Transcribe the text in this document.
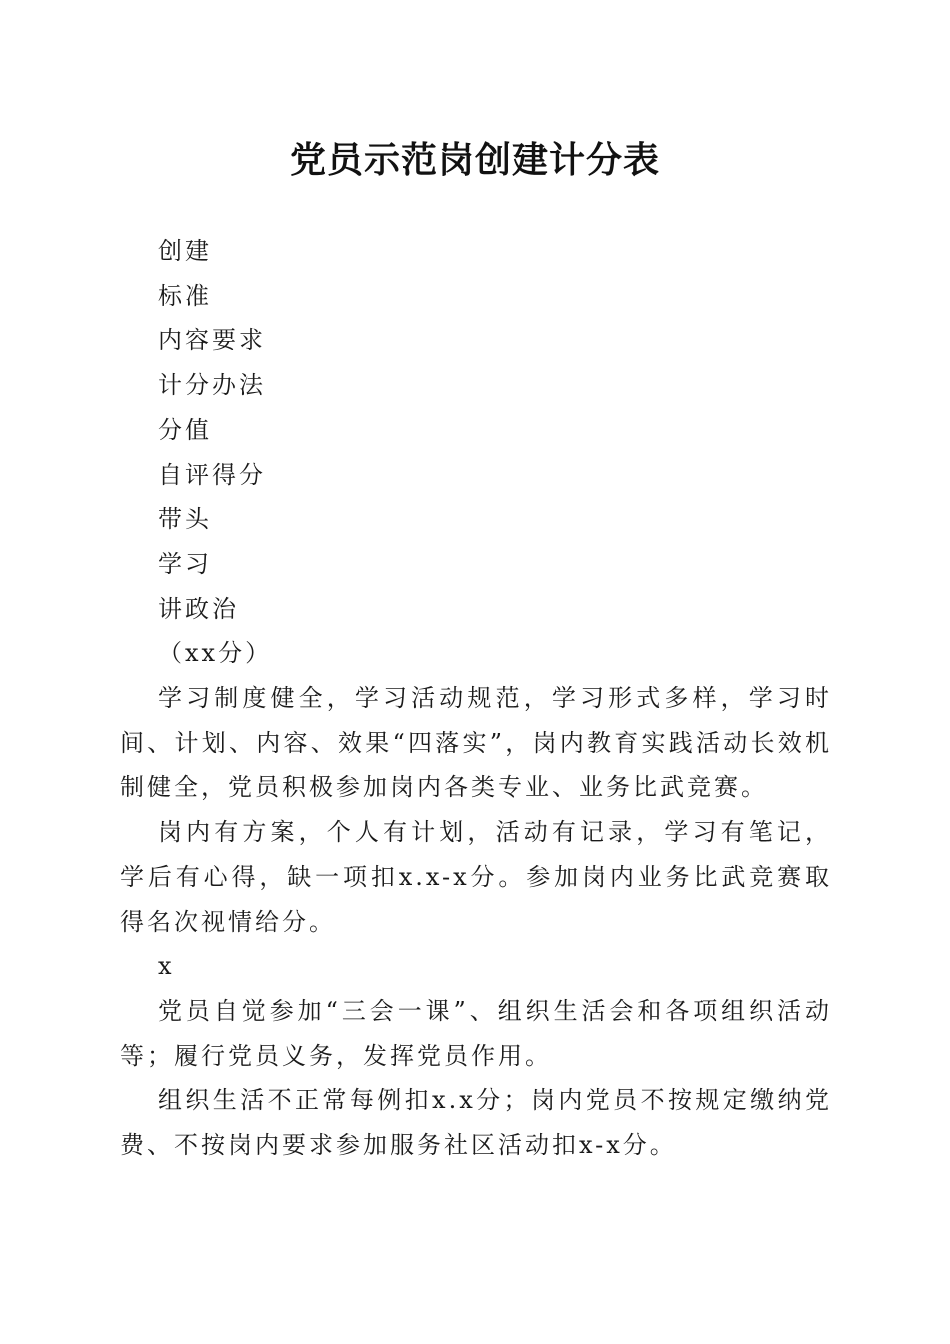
党员示范岗创建计分表

创建

标准

内容要求

计分办法

分值

自评得分

带头

学习

讲政治

（xx分）

学习制度健全，学习活动规范，学习形式多样，学习时间、计划、内容、效果“四落实”，岗内教育实践活动长效机制健全，党员积极参加岗内各类专业、业务比武竞赛。

岗内有方案，个人有计划，活动有记录，学习有笔记，学后有心得，缺一项扣x.x-x分。参加岗内业务比武竞赛取得名次视情给分。

x

党员自觉参加“三会一课”、组织生活会和各项组织活动等；履行党员义务，发挥党员作用。

组织生活不正常每例扣x.x分；岗内党员不按规定缴纳党费、不按岗内要求参加服务社区活动扣x-x分。
